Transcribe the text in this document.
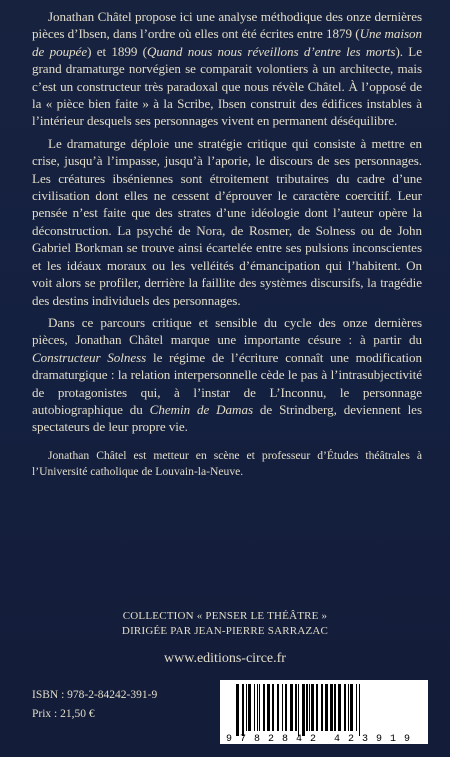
Jonathan Châtel propose ici une analyse méthodique des onze dernières pièces d’Ibsen, dans l’ordre où elles ont été écrites entre 1879 (Une maison de poupée) et 1899 (Quand nous nous réveillons d’entre les morts). Le grand dramaturge norvégien se comparait volontiers à un architecte, mais c’est un constructeur très paradoxal que nous révèle Châtel. À l’opposé de la « pièce bien faite » à la Scribe, Ibsen construit des édifices instables à l’intérieur desquels ses personnages vivent en permanent déséquilibre.

Le dramaturge déploie une stratégie critique qui consiste à mettre en crise, jusqu’à l’impasse, jusqu’à l’aporie, le discours de ses personnages. Les créatures ibséniennes sont étroitement tributaires du cadre d’une civilisation dont elles ne cessent d’éprouver le caractère coercitif. Leur pensée n’est faite que des strates d’une idéologie dont l’auteur opère la déconstruction. La psyché de Nora, de Rosmer, de Solness ou de John Gabriel Borkman se trouve ainsi écartelée entre ses pulsions inconscientes et les idéaux moraux ou les velléités d’émancipation qui l’habitent. On voit alors se profiler, derrière la faillite des systèmes discursifs, la tragédie des destins individuels des personnages.

Dans ce parcours critique et sensible du cycle des onze dernières pièces, Jonathan Châtel marque une importante césure : à partir du Constructeur Solness le régime de l’écriture connaît une modification dramaturgique : la relation interpersonnelle cède le pas à l’intrasubjectivité de protagonistes qui, à l’instar de L’Inconnu, le personnage autobiographique du Chemin de Damas de Strindberg, deviennent les spectateurs de leur propre vie.

Jonathan Châtel est metteur en scène et professeur d’Études théâtrales à l’Université catholique de Louvain-la-Neuve.

COLLECTION « PENSER LE THÉÂTRE »
DIRIGÉE PAR JEAN-PIERRE SARRAZAC
www.editions-circe.fr
ISBN : 978-2-84242-391-9
Prix : 21,50 €
9 782842 423919
